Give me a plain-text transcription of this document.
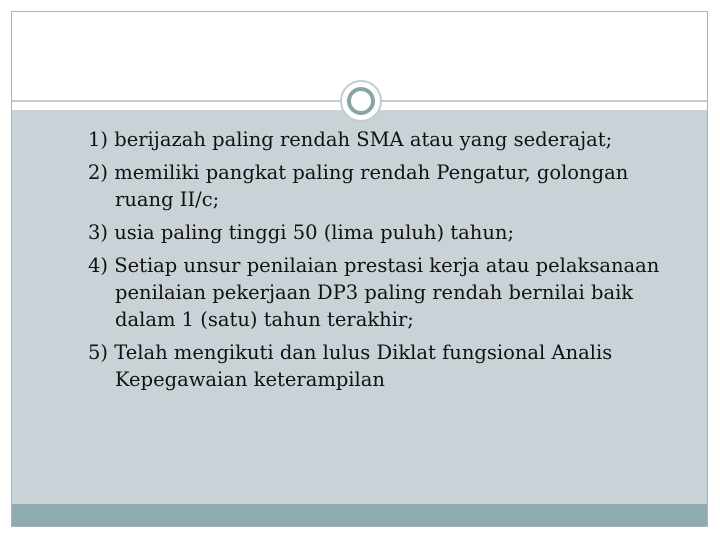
1) berijazah paling rendah SMA atau yang sederajat;
2) memiliki pangkat paling rendah Pengatur, golongan ruang II/c;
3) usia paling tinggi 50 (lima puluh) tahun;
4) Setiap unsur penilaian prestasi kerja atau pelaksanaan penilaian pekerjaan DP3 paling rendah bernilai baik dalam 1 (satu) tahun terakhir;
5) Telah mengikuti dan lulus Diklat fungsional Analis Kepegawaian keterampilan
